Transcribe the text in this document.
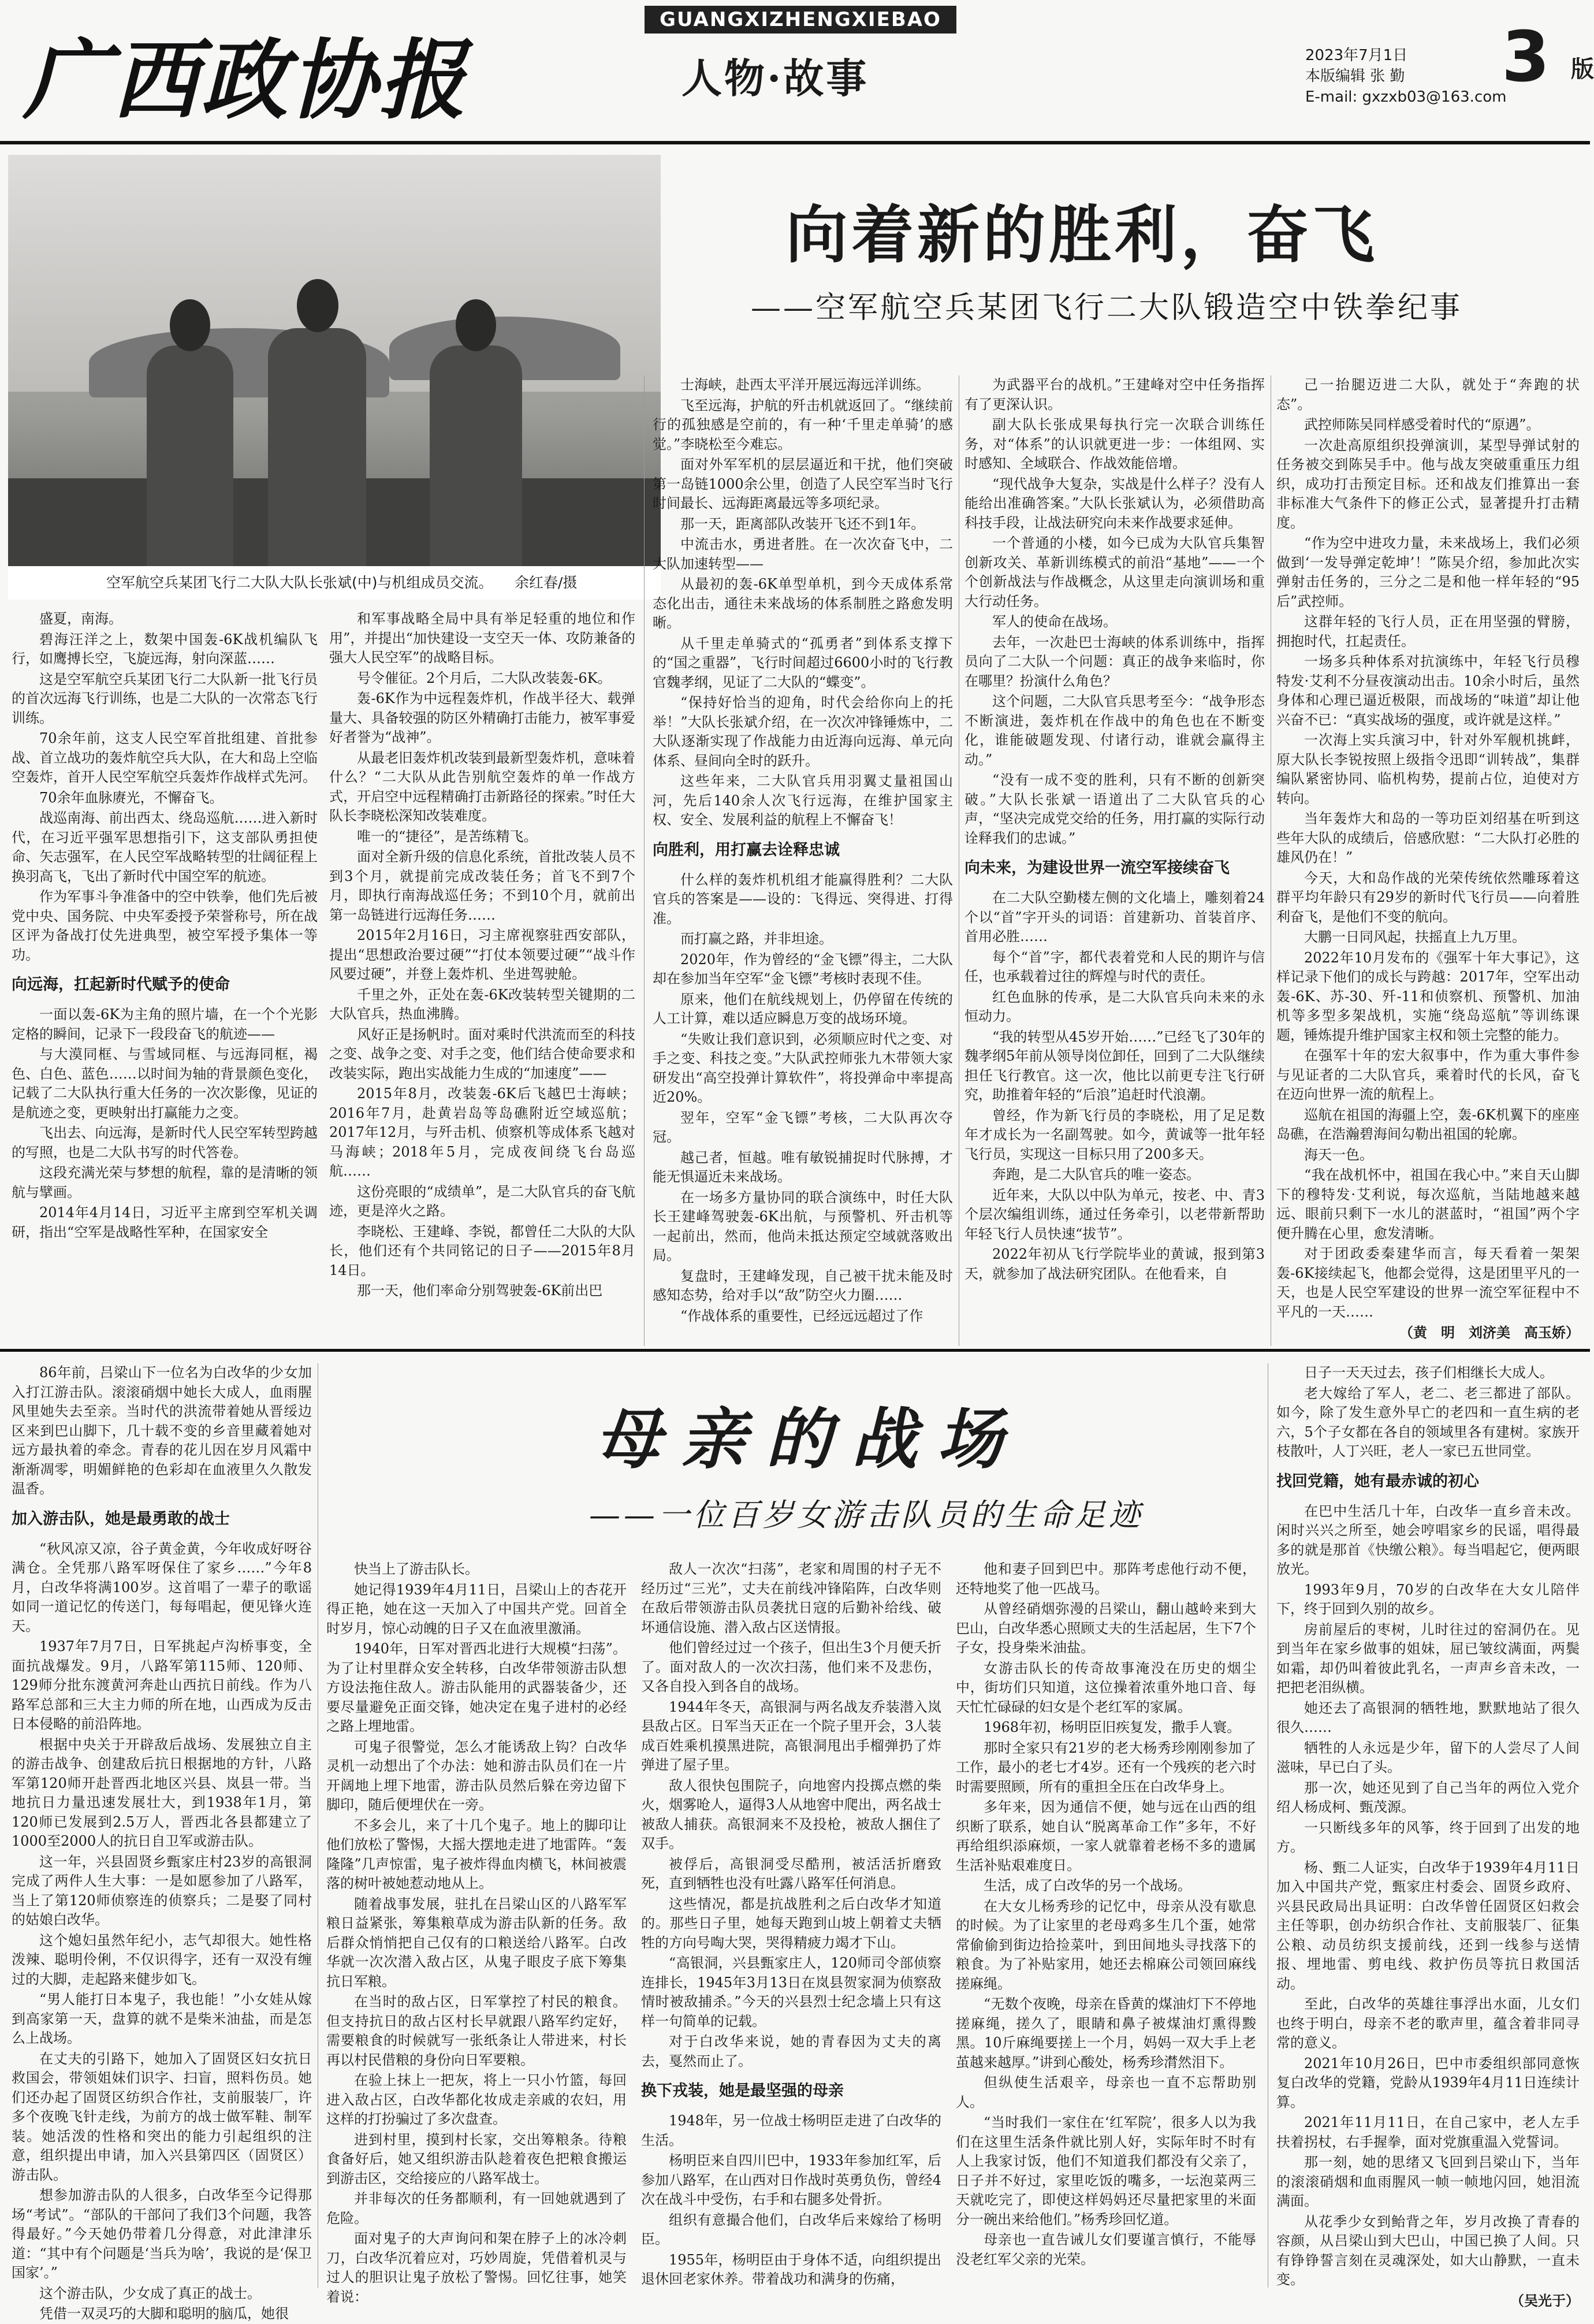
广西政协报
GUANGXIZHENGXIEBAO
人物·故事	2023年7月1日
本版编辑 张 勤
E-mail: gxzxb03@163.com
3 版
空军航空兵某团飞行二大队大队长张斌(中)与机组成员交流。　　余红春/摄
向着新的胜利，奋飞
——空军航空兵某团飞行二大队锻造空中铁拳纪事

盛夏，南海。

碧海汪洋之上，数架中国轰-6K战机编队飞行，如鹰搏长空，飞旋远海，射向深蓝……

这是空军航空兵某团飞行二大队新一批飞行员的首次远海飞行训练，也是二大队的一次常态飞行训练。

70余年前，这支人民空军首批组建、首批参战、首立战功的轰炸航空兵大队，在大和岛上空临空轰炸，首开人民空军航空兵轰炸作战样式先河。

70余年血脉赓光，不懈奋飞。

战巡南海、前出西太、绕岛巡航……进入新时代，在习近平强军思想指引下，这支部队勇担使命、矢志强军，在人民空军战略转型的壮阔征程上换羽高飞，飞出了新时代中国空军的航迹。

作为军事斗争准备中的空中铁拳，他们先后被党中央、国务院、中央军委授予荣誉称号，所在战区评为备战打仗先进典型，被空军授予集体一等功。

向远海，扛起新时代赋予的使命

一面以轰-6K为主角的照片墙，在一个个光影定格的瞬间，记录下一段段奋飞的航迹——

与大漠同框、与雪域同框、与远海同框，褐色、白色、蓝色……以时间为轴的背景颜色变化，记载了二大队执行重大任务的一次次影像，见证的是航迹之变，更映射出打赢能力之变。

飞出去、向远海，是新时代人民空军转型跨越的写照，也是二大队书写的时代答卷。

这段充满光荣与梦想的航程，靠的是清晰的领航与擘画。

2014年4月14日，习近平主席到空军机关调研，指出“空军是战略性军种，在国家安全

和军事战略全局中具有举足轻重的地位和作用”，并提出“加快建设一支空天一体、攻防兼备的强大人民空军”的战略目标。

号令催征。2个月后，二大队改装轰-6K。

轰-6K作为中远程轰炸机，作战半径大、载弹量大、具备较强的防区外精确打击能力，被军事爱好者誉为“战神”。

从最老旧轰炸机改装到最新型轰炸机，意味着什么？“二大队从此告别航空轰炸的单一作战方式，开启空中远程精确打击新路径的探索。”时任大队长李晓松深知改装难度。

唯一的“捷径”，是苦练精飞。

面对全新升级的信息化系统，首批改装人员不到3个月，就提前完成改装任务；首飞不到7个月，即执行南海战巡任务；不到10个月，就前出第一岛链进行远海任务……

2015年2月16日，习主席视察驻西安部队，提出“思想政治要过硬”“打仗本领要过硬”“战斗作风要过硬”，并登上轰炸机、坐进驾驶舱。

千里之外，正处在轰-6K改装转型关键期的二大队官兵，热血沸腾。

风好正是扬帆时。面对乘时代洪流而至的科技之变、战争之变、对手之变，他们结合使命要求和改装实际，跑出实战能力生成的“加速度”——

2015年8月，改装轰-6K后飞越巴士海峡；2016年7月，赴黄岩岛等岛礁附近空域巡航；2017年12月，与歼击机、侦察机等成体系飞越对马海峡；2018年5月，完成夜间绕飞台岛巡航……

这份亮眼的“成绩单”，是二大队官兵的奋飞航迹，更是淬火之路。

李晓松、王建峰、李锐，都曾任二大队的大队长，他们还有个共同铭记的日子——2015年8月14日。

那一天，他们率命分别驾驶轰-6K前出巴

士海峡，赴西太平洋开展远海远洋训练。

飞至远海，护航的歼击机就返回了。“继续前行的孤独感是空前的，有一种‘千里走单骑’的感觉。”李晓松至今难忘。

面对外军军机的层层逼近和干扰，他们突破第一岛链1000余公里，创造了人民空军当时飞行时间最长、远海距离最远等多项纪录。

那一天，距离部队改装开飞还不到1年。

中流击水，勇进者胜。在一次次奋飞中，二大队加速转型——

从最初的轰-6K单型单机，到今天成体系常态化出击，通往未来战场的体系制胜之路愈发明晰。

从千里走单骑式的“孤勇者”到体系支撑下的“国之重器”，飞行时间超过6600小时的飞行教官魏孝纲，见证了二大队的“蝶变”。

“保持好恰当的迎角，时代会给你向上的托举！”大队长张斌介绍，在一次次冲锋锤炼中，二大队逐渐实现了作战能力由近海向远海、单元向体系、昼间向全时的跃升。

这些年来，二大队官兵用羽翼丈量祖国山河，先后140余人次飞行远海，在维护国家主权、安全、发展利益的航程上不懈奋飞！

向胜利，用打赢去诠释忠诚

什么样的轰炸机机组才能赢得胜利？二大队官兵的答案是——设的：飞得远、突得进、打得准。

而打赢之路，并非坦途。

2020年，作为曾经的“金飞镖”得主，二大队却在参加当年空军“金飞镖”考核时表现不佳。

原来，他们在航线规划上，仍停留在传统的人工计算，难以适应瞬息万变的战场环境。

“失败让我们意识到，必须顺应时代之变、对手之变、科技之变。”大队武控师张九木带领大家研发出“高空投弹计算软件”，将投弹命中率提高近20%。

翌年，空军“金飞镖”考核，二大队再次夺冠。

越己者，恒越。唯有敏锐捕捉时代脉搏，才能无惧逼近未来战场。

在一场多方量协同的联合演练中，时任大队长王建峰驾驶轰-6K出航，与预警机、歼击机等一起前出，然而，他尚未抵达预定空域就落败出局。

复盘时，王建峰发现，自己被干扰未能及时感知态势，给对手以“敌”防空火力圈……

“作战体系的重要性，已经远远超过了作

为武器平台的战机。”王建峰对空中任务指挥有了更深认识。

副大队长张成果每执行完一次联合训练任务，对“体系”的认识就更进一步：一体组网、实时感知、全域联合、作战效能倍增。

“现代战争大复杂，实战是什么样子？没有人能给出准确答案。”大队长张斌认为，必须借助高科技手段，让战法研究向未来作战要求延伸。

一个普通的小楼，如今已成为大队官兵集智创新攻关、革新训练模式的前沿“基地”——一个个创新战法与作战概念，从这里走向演训场和重大行动任务。

军人的使命在战场。

去年，一次赴巴士海峡的体系训练中，指挥员向了二大队一个问题：真正的战争来临时，你在哪里？扮演什么角色？

这个问题，二大队官兵思考至今：“战争形态不断演进，轰炸机在作战中的角色也在不断变化，谁能破题发现、付诸行动，谁就会赢得主动。”

“没有一成不变的胜利，只有不断的创新突破。”大队长张斌一语道出了二大队官兵的心声，“坚决完成党交给的任务，用打赢的实际行动诠释我们的忠诚。”

向未来，为建设世界一流空军接续奋飞

在二大队空勤楼左侧的文化墙上，雕刻着24个以“首”字开头的词语：首建新功、首装首序、首用必胜……

每个“首”字，都代表着党和人民的期许与信任，也承载着过往的辉煌与时代的责任。

红色血脉的传承，是二大队官兵向未来的永恒动力。

“我的转型从45岁开始……”已经飞了30年的魏孝纲5年前从领导岗位卸任，回到了二大队继续担任飞行教官。这一次，他比以前更专注飞行研究，助推着年轻的“后浪”追赶时代浪潮。

曾经，作为新飞行员的李晓松，用了足足数年才成长为一名副驾驶。如今，黄诚等一批年轻飞行员，实现这一目标只用了200多天。

奔跑，是二大队官兵的唯一姿态。

近年来，大队以中队为单元，按老、中、青3个层次编组训练，通过任务牵引，以老带新帮助年轻飞行人员快速“拔节”。

2022年初从飞行学院毕业的黄诚，报到第3天，就参加了战法研究团队。在他看来，自

己一抬腿迈进二大队，就处于“奔跑的状态”。

武控师陈吴同样感受着时代的“原遇”。

一次赴高原组织投弹演训，某型导弹试射的任务被交到陈吴手中。他与战友突破重重压力组织，成功打击预定目标。还和战友们推算出一套非标准大气条件下的修正公式，显著提升打击精度。

“作为空中进攻力量，未来战场上，我们必须做到‘一发导弹定乾坤’！”陈吴介绍，参加此次实弹射击任务的，三分之二是和他一样年轻的“95后”武控师。

这群年轻的飞行人员，正在用坚强的臂膀，拥抱时代，扛起责任。

一场多兵种体系对抗演练中，年轻飞行员穆特发·艾利不分昼夜演动出击。10余小时后，虽然身体和心理已逼近极限，而战场的“味道”却让他兴奋不已：“真实战场的强度，或许就是这样。”

一次海上实兵演习中，针对外军舰机挑衅，原大队长李锐按照上级指令迅即“训转战”，集群编队紧密协同、临机构势，提前占位，迫使对方转向。

当年轰炸大和岛的一等功臣刘绍基在听到这些年大队的成绩后，倍感欣慰：“二大队打必胜的雄风仍在！”

今天，大和岛作战的光荣传统依然雕琢着这群平均年龄只有29岁的新时代飞行员——向着胜利奋飞，是他们不变的航向。

大鹏一日同风起，扶摇直上九万里。

2022年10月发布的《强军十年大事记》，这样记录下他们的成长与跨越：2017年，空军出动轰-6K、苏-30、歼-11和侦察机、预警机、加油机等多型多架战机，实施“绕岛巡航”等训练课题，锤炼提升维护国家主权和领土完整的能力。

在强军十年的宏大叙事中，作为重大事件参与见证者的二大队官兵，乘着时代的长风，奋飞在迈向世界一流的航程上。

巡航在祖国的海疆上空，轰-6K机翼下的座座岛礁，在浩瀚碧海间勾勒出祖国的轮廓。

海天一色。

“我在战机怀中，祖国在我心中。”来自天山脚下的穆特发·艾利说，每次巡航，当陆地越来越远、眼前只剩下一水儿的湛蓝时，“祖国”两个字便升腾在心里，愈发清晰。

对于团政委秦建华而言，每天看着一架架轰-6K接续起飞，他都会觉得，这是团里平凡的一天，也是人民空军建设的世界一流空军征程中不平凡的一天……

（黄　明　刘济美　高玉娇）

母亲的战场
——一位百岁女游击队员的生命足迹

86年前，吕梁山下一位名为白改华的少女加入打江游击队。滚滚硝烟中她长大成人，血雨腥风里她失去至亲。当时代的洪流带着她从晋绥边区来到巴山脚下，几十载不变的乡音里藏着她对远方最执着的牵念。青春的花儿因在岁月风霜中渐渐凋零，明媚鲜艳的色彩却在血液里久久散发温香。

加入游击队，她是最勇敢的战士

“秋风凉又凉，谷子黄金黄，今年收成好呀谷满仓。全凭那八路军呀保住了家乡……”今年8月，白改华将满100岁。这首唱了一辈子的歌谣如同一道记忆的传送门，每每唱起，便见锋火连天。

1937年7月7日，日军挑起卢沟桥事变，全面抗战爆发。9月，八路军第115师、120师、129师分批东渡黄河奔赴山西抗日前线。作为八路军总部和三大主力师的所在地，山西成为反击日本侵略的前沿阵地。

根据中央关于开辟敌后战场、发展独立自主的游击战争、创建敌后抗日根据地的方针，八路军第120师开赴晋西北地区兴县、岚县一带。当地抗日力量迅速发展壮大，到1938年1月，第120师已发展到2.5万人，晋西北各县都建立了1000至2000人的抗日自卫军或游击队。

这一年，兴县固贤乡甄家庄村23岁的高银洞完成了两件人生大事：一是如愿参加了八路军，当上了第120师侦察连的侦察兵；二是娶了同村的姑娘白改华。

这个媳妇虽然年纪小，志气却很大。她性格泼辣、聪明伶俐，不仅识得字，还有一双没有缠过的大脚，走起路来健步如飞。

“男人能打日本鬼子，我也能！”小女娃从嫁到高家第一天，盘算的就不是柴米油盐，而是怎么上战场。

在丈夫的引路下，她加入了固贤区妇女抗日救国会，带领姐妹们识字、扫盲，照料伤员。她们还办起了固贤区纺织合作社，支前服装厂，许多个夜晚飞针走线，为前方的战士做军鞋、制军装。她活泼的性格和突出的能力引起组织的注意，组织提出申请，加入兴县第四区（固贤区）游击队。

想参加游击队的人很多，白改华至今记得那场“考试”。“部队的干部问了我们3个问题，我答得最好。”今天她仍带着几分得意，对此津津乐道：“其中有个问题是‘当兵为啥’，我说的是‘保卫国家’。”

这个游击队，少女成了真正的战士。

凭借一双灵巧的大脚和聪明的脑瓜，她很

快当上了游击队长。

她记得1939年4月11日，吕梁山上的杏花开得正艳，她在这一天加入了中国共产党。回首全时岁月，惊心动魄的日子又在血液里激涌。

1940年，日军对晋西北进行大规模“扫荡”。为了让村里群众安全转移，白改华带领游击队想方设法拖住敌人。游击队能用的武器装备少，还要尽量避免正面交锋，她决定在鬼子进村的必经之路上埋地雷。

可鬼子很警觉，怎么才能诱敌上钩？白改华灵机一动想出了个办法：她和游击队员们在一片开阔地上埋下地雷，游击队员然后躲在旁边留下脚印，随后便埋伏在一旁。

不多会儿，来了十几个鬼子。地上的脚印让他们放松了警惕，大摇大摆地走进了地雷阵。“轰隆隆”几声惊雷，鬼子被炸得血肉横飞，林间被震落的树叶被她惹动地从上。

随着战事发展，驻扎在吕梁山区的八路军军粮日益紧张，筹集粮草成为游击队新的任务。敌后群众悄悄把自己仅有的口粮送给八路军。白改华就一次次潜入敌占区，从鬼子眼皮子底下筹集抗日军粮。

在当时的敌占区，日军掌控了村民的粮食。但支持抗日的敌占区村长早就跟八路军约定好，需要粮食的时候就写一张纸条让人带进来，村长再以村民借粮的身份向日军要粮。

在验上抹上一把灰，将上一只小竹篮，每回进入敌占区，白改华都化妆成走亲戚的农妇，用这样的打扮骗过了多次盘查。

进到村里，摸到村长家，交出筹粮条。待粮食备好后，她又组织游击队趁着夜色把粮食搬运到游击区，交给接应的八路军战士。

并非每次的任务都顺利，有一回她就遇到了危险。

面对鬼子的大声询问和架在脖子上的冰冷刺刀，白改华沉着应对，巧妙周旋，凭借着机灵与过人的胆识让鬼子放松了警惕。回忆往事，她笑着说：

敌人一次次“扫荡”，老家和周围的村子无不经历过“三光”，丈夫在前线冲锋陷阵，白改华则在敌后带领游击队员袭扰日寇的后勤补给线、破坏通信设施、潜入敌占区送情报。

他们曾经过过一个孩子，但出生3个月便夭折了。面对敌人的一次次扫荡，他们来不及悲伤，又各自投入到各自的战场。

1944年冬天，高银洞与两名战友乔装潜入岚县敌占区。日军当天正在一个院子里开会，3人装成百姓乘机摸黑进院，高银洞甩出手榴弹扔了炸弹进了屋子里。

敌人很快包围院子，向地窖内投掷点燃的柴火，烟雾呛人，逼得3人从地窖中爬出，两名战士被敌人捕获。高银洞来不及投枪，被敌人捆住了双手。

被俘后，高银洞受尽酷刑，被活活折磨致死，直到牺牲也没有吐露八路军任何消息。

这些情况，都是抗战胜利之后白改华才知道的。那些日子里，她每天跑到山坡上朝着丈夫牺牲的方向号啕大哭，哭得精疲力竭才下山。

“高银洞，兴县甄家庄人，120师司令部侦察连排长，1945年3月13日在岚县贺家洞为侦察敌情时被敌捕杀。”今天的兴县烈士纪念墙上只有这样一句简单的记载。

对于白改华来说，她的青春因为丈夫的离去，戛然而止了。

换下戎装，她是最坚强的母亲

1948年，另一位战士杨明臣走进了白改华的生活。

杨明臣来自四川巴中，1933年参加红军，后参加八路军，在山西对日作战时英勇负伤，曾经4次在战斗中受伤，右手和右腿多处骨折。

组织有意撮合他们，白改华后来嫁给了杨明臣。

1955年，杨明臣由于身体不适，向组织提出退休回老家休养。带着战功和满身的伤痛，

他和妻子回到巴中。那阵考虑他行动不便，还特地奖了他一匹战马。

从曾经硝烟弥漫的吕梁山，翻山越岭来到大巴山，白改华悉心照顾丈夫的生活起居，生下7个子女，投身柴米油盐。

女游击队长的传奇故事淹没在历史的烟尘中，街坊们只知道，这位操着浓重外地口音、每天忙忙碌碌的妇女是个老红军的家属。

1968年初，杨明臣旧疾复发，撒手人寰。

那时全家只有21岁的老大杨秀珍刚刚参加了工作，最小的老七才4岁。还有一个残疾的老六时时需要照顾，所有的重担全压在白改华身上。

多年来，因为通信不便，她与远在山西的组织断了联系，她自认“脱离革命工作”多年，不好再给组织添麻烦，一家人就靠着老杨不多的遗属生活补贴艰难度日。

生活，成了白改华的另一个战场。

在大女儿杨秀珍的记忆中，母亲从没有歇息的时候。为了让家里的老母鸡多生几个蛋，她常常偷偷到街边拾捡菜叶，到田间地头寻找落下的粮食。为了补贴家用，她还去棉麻公司领回麻线搓麻绳。

“无数个夜晚，母亲在昏黄的煤油灯下不停地搓麻绳，搓久了，眼睛和鼻子被煤油灯熏得黢黑。10斤麻绳要搓上一个月，妈妈一双大手上老茧越来越厚。”讲到心酸处，杨秀珍潸然泪下。

但纵使生活艰辛，母亲也一直不忘帮助别人。

“当时我们一家住在‘红军院’，很多人以为我们在这里生活条件就比别人好，实际年时不时有人上我家讨饭，他们不知道我们都没有父亲了，日子并不好过，家里吃饭的嘴多，一坛泡菜两三天就吃完了，即使这样妈妈还尽量把家里的米面分一碗出来给他们。”杨秀珍回忆道。

母亲也一直告诫儿女们要谨言慎行，不能辱没老红军父亲的光荣。

日子一天天过去，孩子们相继长大成人。

老大嫁给了军人，老二、老三都进了部队。如今，除了发生意外早亡的老四和一直生病的老六，5个子女都在各自的领域里各有建树。家族开枝散叶，人丁兴旺，老人一家已五世同堂。

找回党籍，她有最赤诚的初心

在巴中生活几十年，白改华一直乡音未改。闲时兴兴之所至，她会哼唱家乡的民谣，唱得最多的就是那首《快缴公粮》。每当唱起它，便两眼放光。

1993年9月，70岁的白改华在大女儿陪伴下，终于回到久别的故乡。

房前屋后的枣树，儿时往过的窑洞仍在。见到当年在家乡做事的姐妹，屈已皱纹满面，两鬓如霜，却仍叫着彼此乳名，一声声乡音未改，一把把老泪纵横。

她还去了高银洞的牺牲地，默默地站了很久很久……

牺牲的人永远是少年，留下的人尝尽了人间滋味，早已白了头。

那一次，她还见到了自己当年的两位入党介绍人杨成柯、甄茂源。

一只断线多年的风筝，终于回到了出发的地方。

杨、甄二人证实，白改华于1939年4月11日加入中国共产党，甄家庄村委会、固贤乡政府、兴县民政局出具证明：白改华曾任固贤区妇救会主任等职，创办纺织合作社、支前服装厂、征集公粮、动员纺织支援前线，还到一线参与送情报、埋地雷、剪电线、救护伤员等抗日救国活动。

至此，白改华的英雄往事浮出水面，儿女们也终于明白，母亲不老的歌声里，蕴含着非同寻常的意义。

2021年10月26日，巴中市委组织部同意恢复白改华的党籍，党龄从1939年4月11日连续计算。

2021年11月11日，在自己家中，老人左手扶着拐杖，右手握拳，面对党旗重温入党誓词。

那一刻，她的思绪又飞回到吕梁山下，当年的滚滚硝烟和血雨腥风一帧一帧地闪回，她泪流满面。

从花季少女到鲐背之年，岁月改换了青春的容颜，从吕梁山到大巴山，中国已换了人间。只有铮铮誓言刻在灵魂深处，如大山静默，一直未变。

（吴光于）
